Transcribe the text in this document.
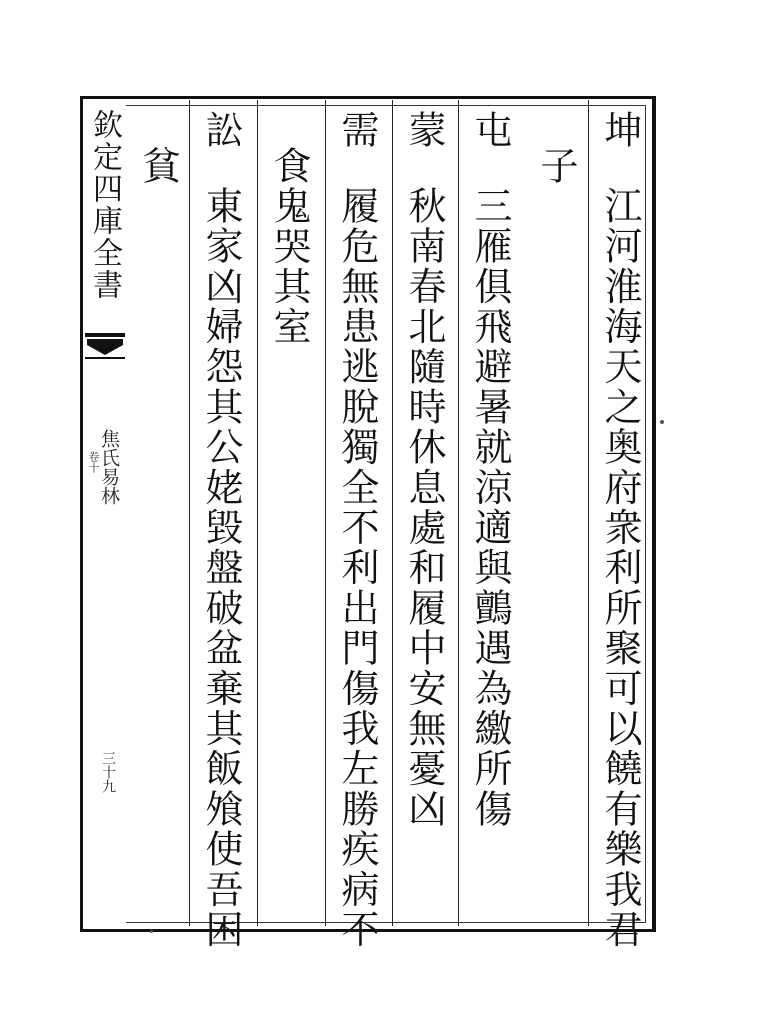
欽定四庫全書
焦氏易林
卷十
三十九
坤
江河淮海天之奥府衆利所聚可以饒有樂我君
子
屯
三雁俱飛避暑就涼適與鸇遇為繳所傷
蒙
秋南春北隨時休息處和履中安無憂凶
需
履危無患逃脫獨全不利出門傷我左勝疾病不
食鬼哭其室
訟
東家凶婦怨其公姥毀盤破盆棄其飯飧使吾困
貧
